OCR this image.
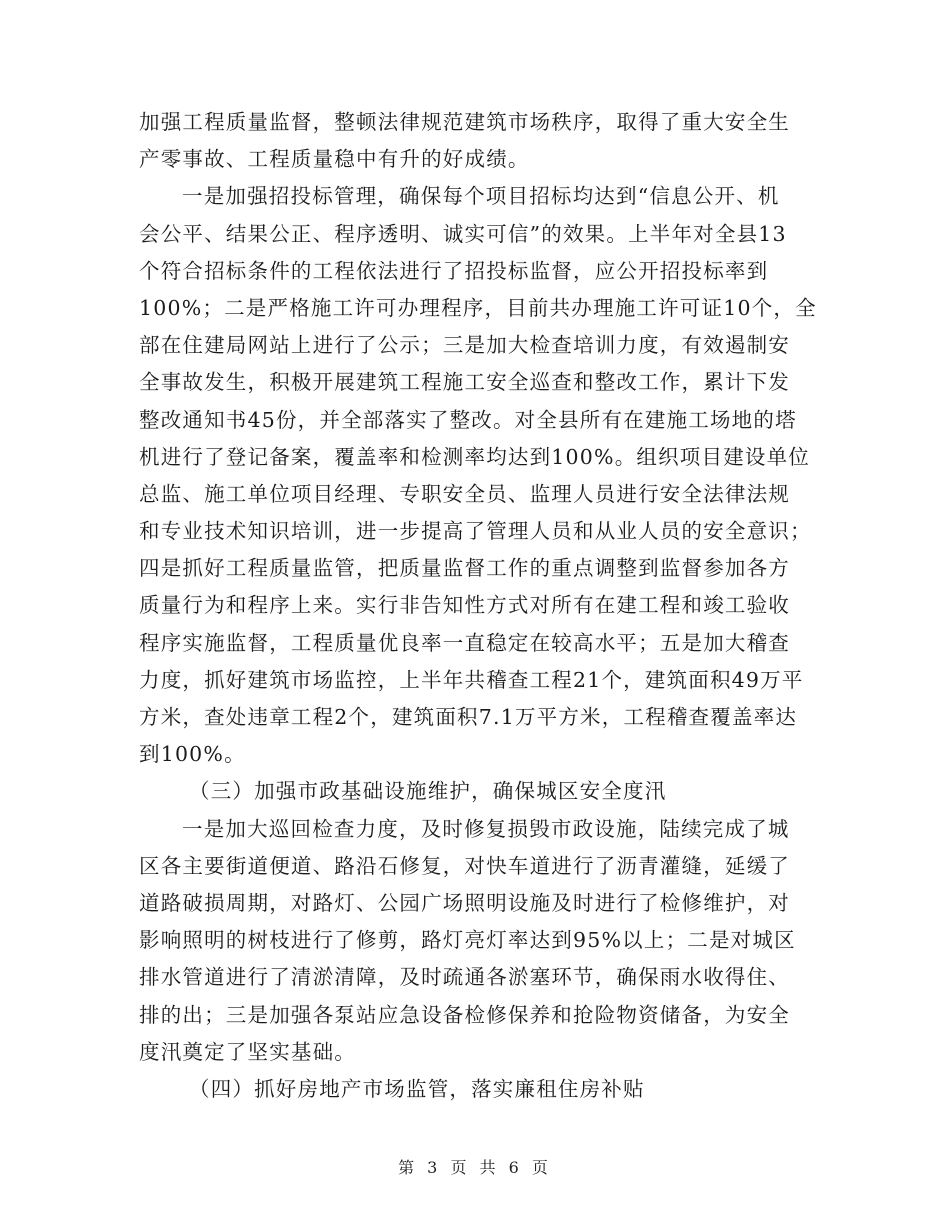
加强工程质量监督，整顿法律规范建筑市场秩序，取得了重大安全生
产零事故、工程质量稳中有升的好成绩。
一是加强招投标管理，确保每个项目招标均达到“信息公开、机
会公平、结果公正、程序透明、诚实可信”的效果。上半年对全县13
个符合招标条件的工程依法进行了招投标监督，应公开招投标率到
100%；二是严格施工许可办理程序，目前共办理施工许可证10个，全
部在住建局网站上进行了公示；三是加大检查培训力度，有效遏制安
全事故发生，积极开展建筑工程施工安全巡查和整改工作，累计下发
整改通知书45份，并全部落实了整改。对全县所有在建施工场地的塔
机进行了登记备案，覆盖率和检测率均达到100%。组织项目建设单位
总监、施工单位项目经理、专职安全员、监理人员进行安全法律法规
和专业技术知识培训，进一步提高了管理人员和从业人员的安全意识；
四是抓好工程质量监管，把质量监督工作的重点调整到监督参加各方
质量行为和程序上来。实行非告知性方式对所有在建工程和竣工验收
程序实施监督，工程质量优良率一直稳定在较高水平；五是加大稽查
力度，抓好建筑市场监控，上半年共稽查工程21个，建筑面积49万平
方米，查处违章工程2个，建筑面积7.1万平方米，工程稽查覆盖率达
到100%。
（三）加强市政基础设施维护，确保城区安全度汛
一是加大巡回检查力度，及时修复损毁市政设施，陆续完成了城
区各主要街道便道、路沿石修复，对快车道进行了沥青灌缝，延缓了
道路破损周期，对路灯、公园广场照明设施及时进行了检修维护，对
影响照明的树枝进行了修剪，路灯亮灯率达到95%以上；二是对城区
排水管道进行了清淤清障，及时疏通各淤塞环节，确保雨水收得住、
排的出；三是加强各泵站应急设备检修保养和抢险物资储备，为安全
度汛奠定了坚实基础。
（四）抓好房地产市场监管，落实廉租住房补贴
第 3 页 共 6 页
